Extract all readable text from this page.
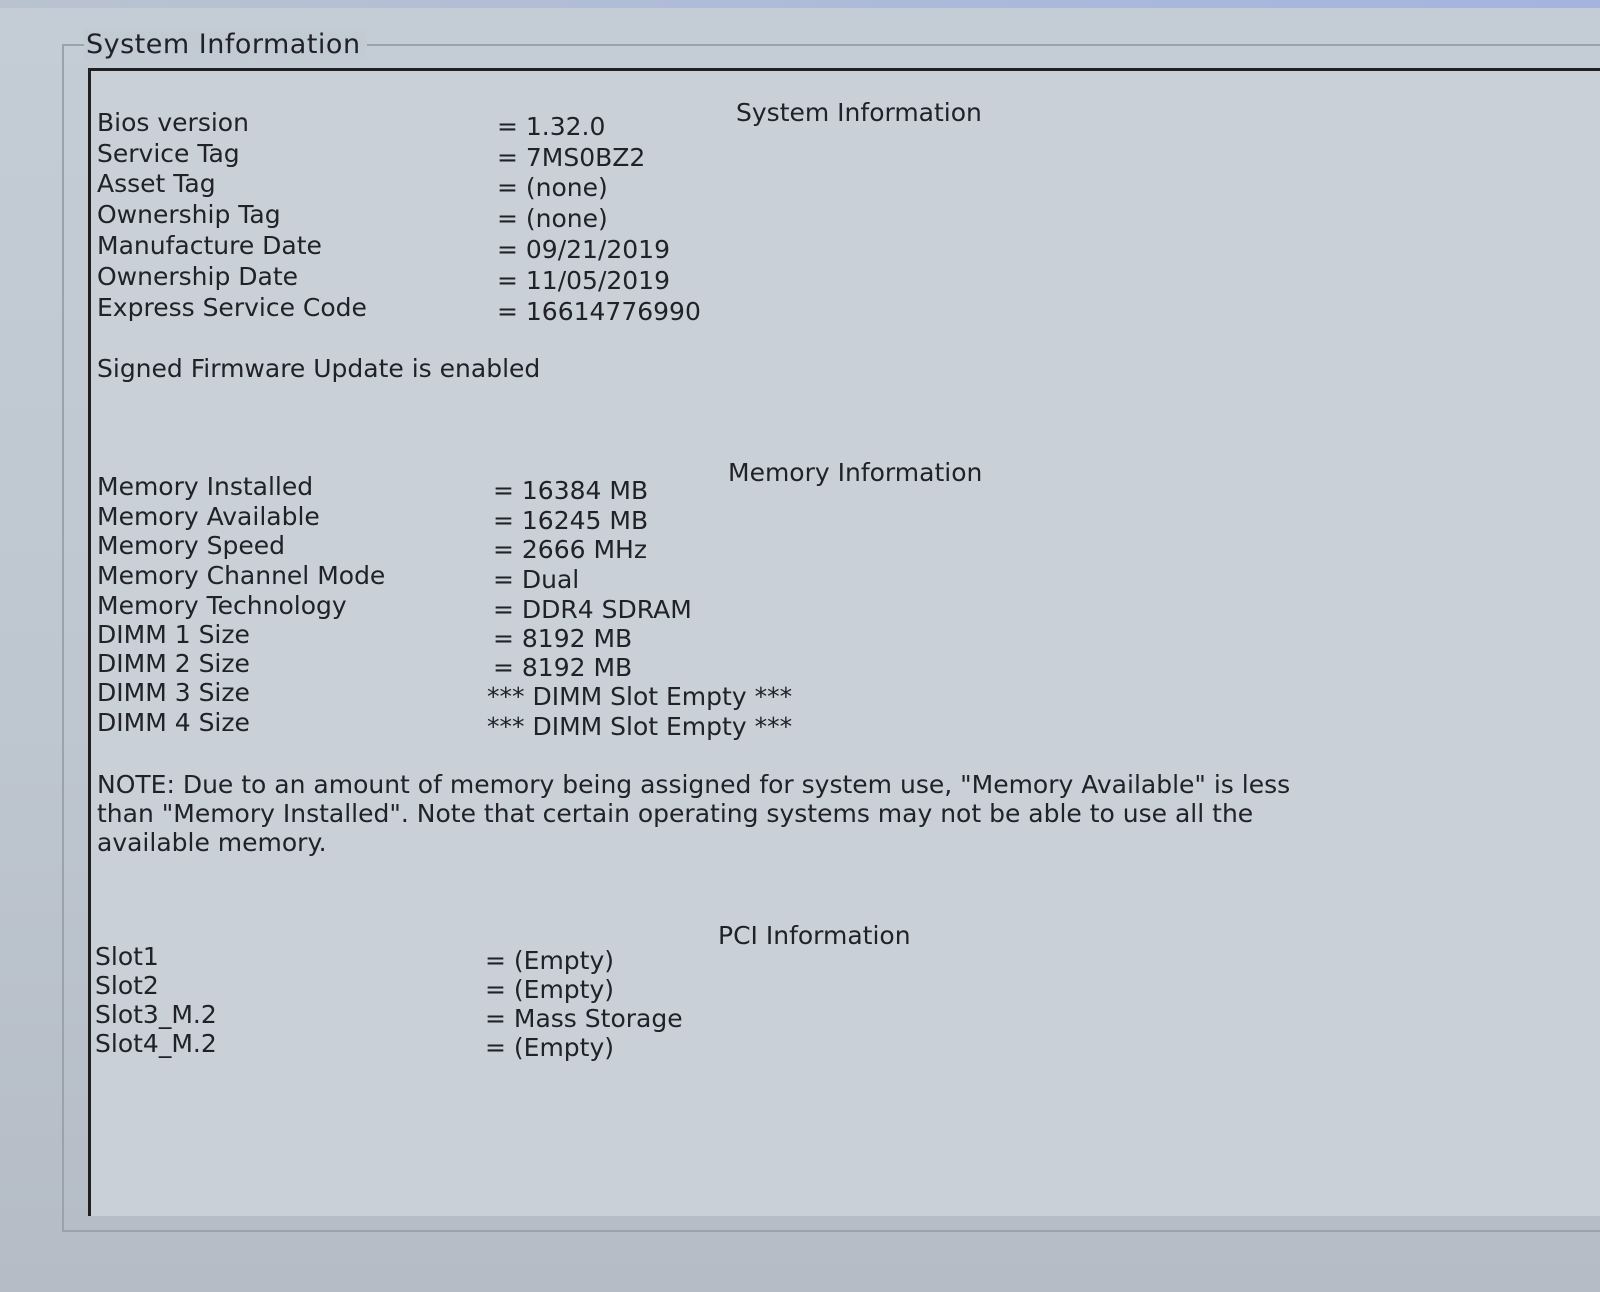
System Information
System Information
Bios version	= 1.32.0
Service Tag	= 7MS0BZ2
Asset Tag	= (none)
Ownership Tag	= (none)
Manufacture Date	= 09/21/2019
Ownership Date	= 11/05/2019
Express Service Code	= 16614776990
Signed Firmware Update is enabled
Memory Information
Memory Installed	= 16384 MB
Memory Available	= 16245 MB
Memory Speed	= 2666 MHz
Memory Channel Mode	= Dual
Memory Technology	= DDR4 SDRAM
DIMM 1 Size	= 8192 MB
DIMM 2 Size	= 8192 MB
DIMM 3 Size	*** DIMM Slot Empty ***
DIMM 4 Size	*** DIMM Slot Empty ***
NOTE: Due to an amount of memory being assigned for system use, "Memory Available" is less
than "Memory Installed". Note that certain operating systems may not be able to use all the
available memory.
PCI Information
Slot1	= (Empty)
Slot2	= (Empty)
Slot3_M.2	= Mass Storage
Slot4_M.2	= (Empty)
